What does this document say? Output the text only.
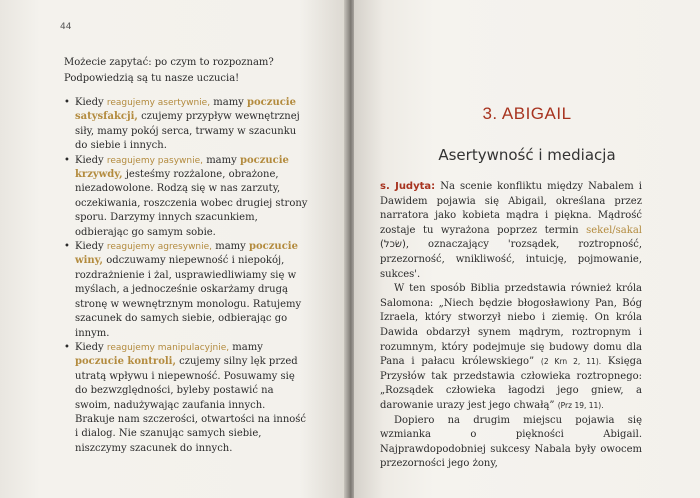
44

Możecie zapytać: po czym to rozpoznam? Podpowiedzią są tu nasze uczucia!

• Kiedy reagujemy asertywnie, mamy poczucie satysfakcji, czujemy przypływ wewnętrznej siły, mamy pokój serca, trwamy w szacunku do siebie i innych.

• Kiedy reagujemy pasywnie, mamy poczucie krzywdy, jesteśmy rozżalone, obrażone, niezadowolone. Rodzą się w nas zarzuty, oczekiwania, roszczenia wobec drugiej strony sporu. Darzymy innych szacunkiem, odbierając go samym sobie.

• Kiedy reagujemy agresywnie, mamy poczucie winy, odczuwamy niepewność i niepokój, rozdrażnienie i żal, usprawiedliwiamy się w myślach, a jednocześnie oskarżamy drugą stronę w wewnętrznym monologu. Ratujemy szacunek do samych siebie, odbierając go innym.

• Kiedy reagujemy manipulacyjnie, mamy poczucie kontroli, czujemy silny lęk przed utratą wpływu i niepewność. Posuwamy się do bezwzględności, byleby postawić na swoim, nadużywając zaufania innych. Brakuje nam szczerości, otwartości na inność i dialog. Nie szanując samych siebie, niszczymy szacunek do innych.

3. ABIGAIL
Asertywność i mediacja

s. Judyta: Na scenie konfliktu między Nabalem i Dawidem pojawia się Abigail, określana przez narratora jako kobieta mądra i piękna. Mądrość zostaje tu wyrażona poprzez termin sekel/sakal (שׂכל), oznaczający 'rozsądek, roztropność, przezorność, wnikliwość, intuicję, pojmowanie, sukces'.

W ten sposób Biblia przedstawia również króla Salomona: „Niech będzie błogosławiony Pan, Bóg Izraela, który stworzył niebo i ziemię. On króla Dawida obdarzył synem mądrym, roztropnym i rozumnym, który podejmuje się budowy domu dla Pana i pałacu królewskiego” (2 Krn 2, 11). Księga Przysłów tak przedstawia człowieka roztropnego: „Rozsądek człowieka łagodzi jego gniew, a darowanie urazy jest jego chwałą” (Prz 19, 11).

Dopiero na drugim miejscu pojawia się wzmianka o piękności Abigail. Najprawdopodobniej sukcesy Nabala były owocem przezorności jego żony,
